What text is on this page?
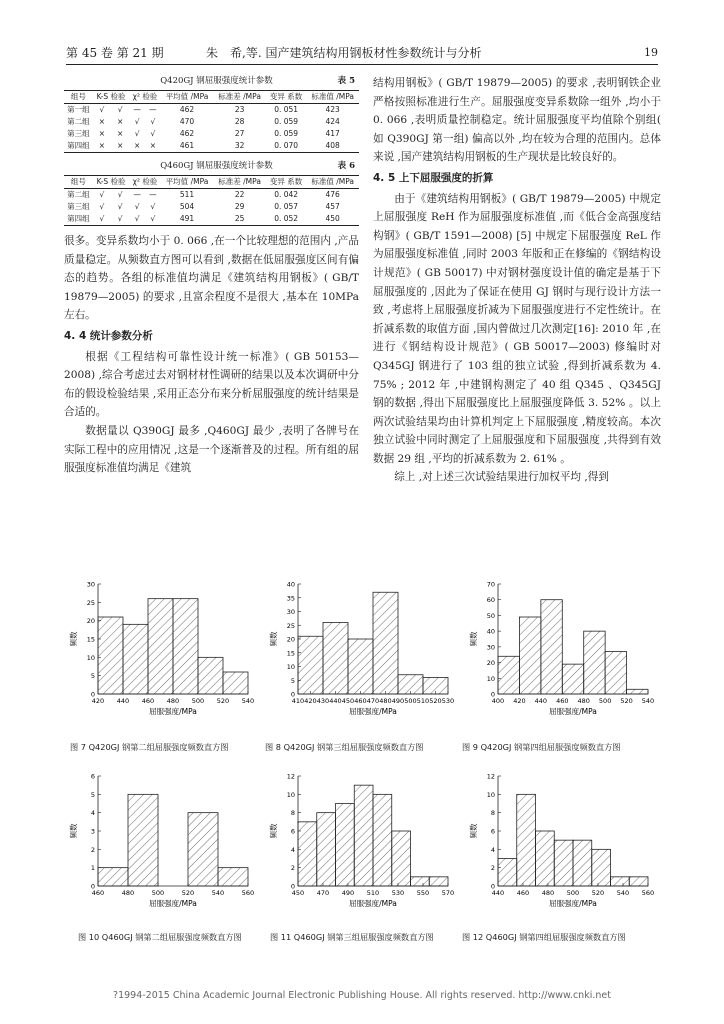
第 45 卷 第 21 期	朱　希,等. 国产建筑结构用钢板材性参数统计与分析	19
Q420GJ 钢屈服强度统计参数	表 5
组号	K-S 检验		χ² 检验		平均值 /MPa	标准差 /MPa	变异 系数	标准值 /MPa
第一组	√	√	—	—	462	23	0. 051	423
第二组	×	×	√	√	470	28	0. 059	424
第三组	×	×	√	√	462	27	0. 059	417
第四组	×	×	×	×	461	32	0. 070	408
Q460GJ 钢屈服强度统计参数	表 6
组号	K-S 检验		χ² 检验		平均值 /MPa	标准差 /MPa	变异 系数	标准值 /MPa
第二组	√	√	—	—	511	22	0. 042	476
第三组	√	√	√	√	504	29	0. 057	457
第四组	√	√	√	√	491	25	0. 052	450

很多。变异系数均小于 0. 066 ,在一个比较理想的范围内 ,产品质量稳定。从频数直方图可以看到 ,数据在低屈服强度区间有偏态的趋势。各组的标准值均满足《建筑结构用钢板》( GB/T 19879—2005) 的要求 ,且富余程度不是很大 ,基本在 10MPa 左右。

4. 4 统计参数分析

根据《工程结构可靠性设计统一标准》( GB 50153—2008) ,综合考虑过去对钢材材性调研的结果以及本次调研中分布的假设检验结果 ,采用正态分布来分析屈服强度的统计结果是合适的。

数据量以 Q390GJ 最多 ,Q460GJ 最少 ,表明了各牌号在实际工程中的应用情况 ,这是一个逐渐普及的过程。所有组的屈服强度标准值均满足《建筑

结构用钢板》( GB/T 19879—2005) 的要求 ,表明钢铁企业严格按照标准进行生产。屈服强度变异系数除一组外 ,均小于 0. 066 ,表明质量控制稳定。统计屈服强度平均值除个别组( 如 Q390GJ 第一组) 偏高以外 ,均在较为合理的范围内。总体来说 ,国产建筑结构用钢板的生产现状是比较良好的。

4. 5 上下屈服强度的折算

由于《建筑结构用钢板》( GB/T 19879—2005) 中规定上屈服强度 ReH 作为屈服强度标准值 ,而《低合金高强度结构钢》( GB/T 1591—2008) [5] 中规定下屈服强度 ReL 作为屈服强度标准值 ,同时 2003 年版和正在修编的《钢结构设计规范》( GB 50017) 中对钢材强度设计值的确定是基于下屈服强度的 ,因此为了保证在使用 GJ 钢时与现行设计方法一致 ,考虑将上屈服强度折减为下屈服强度进行不定性统计。在折减系数的取值方面 ,国内曾做过几次测定[16]: 2010 年 ,在进行《钢结构设计规范》( GB 50017—2003) 修编时对 Q345GJ 钢进行了 103 组的独立试验 ,得到折减系数为 4. 75% ; 2012 年 ,中建钢构测定了 40 组 Q345 、Q345GJ 钢的数据 ,得出下屈服强度比上屈服强度降低 3. 52% 。以上两次试验结果均由计算机判定上下屈服强度 ,精度较高。本次独立试验中同时测定了上屈服强度和下屈服强度 ,共得到有效数据 29 组 ,平均的折减系数为 2. 61% 。

综上 ,对上述三次试验结果进行加权平均 ,得到

0
5
10
15
20
25
30
420 440 460 480 500 520 540
屈服强度/MPa
频数
0
5
10
15
20
25
30
35
40
410 420 430 440 450 460 470 480 490 500 510 520 530
屈服强度/MPa
频数
0
10
20
30
40
50
60
70
400 420 440 460 480 500 520 540
屈服强度/MPa
频数
图 7 Q420GJ 钢第二组屈服强度频数直方图	图 8 Q420GJ 钢第三组屈服强度频数直方图	图 9 Q420GJ 钢第四组屈服强度频数直方图
0
1
2
3
4
5
6
460	480	500	520	540	560
屈服强度/MPa
频数
0
2
4
6
8
10
12
450 470 490 510 530 550 570
屈服强度/MPa
频数
0
2
4
6
8
10
12
440 460 480 500 520 540 560
屈服强度/MPa
频数
图 10 Q460GJ 钢第二组屈服强度频数直方图	图 11 Q460GJ 钢第三组屈服强度频数直方图	图 12 Q460GJ 钢第四组屈服强度频数直方图
?1994-2015 China Academic Journal Electronic Publishing House. All rights reserved. http://www.cnki.net
